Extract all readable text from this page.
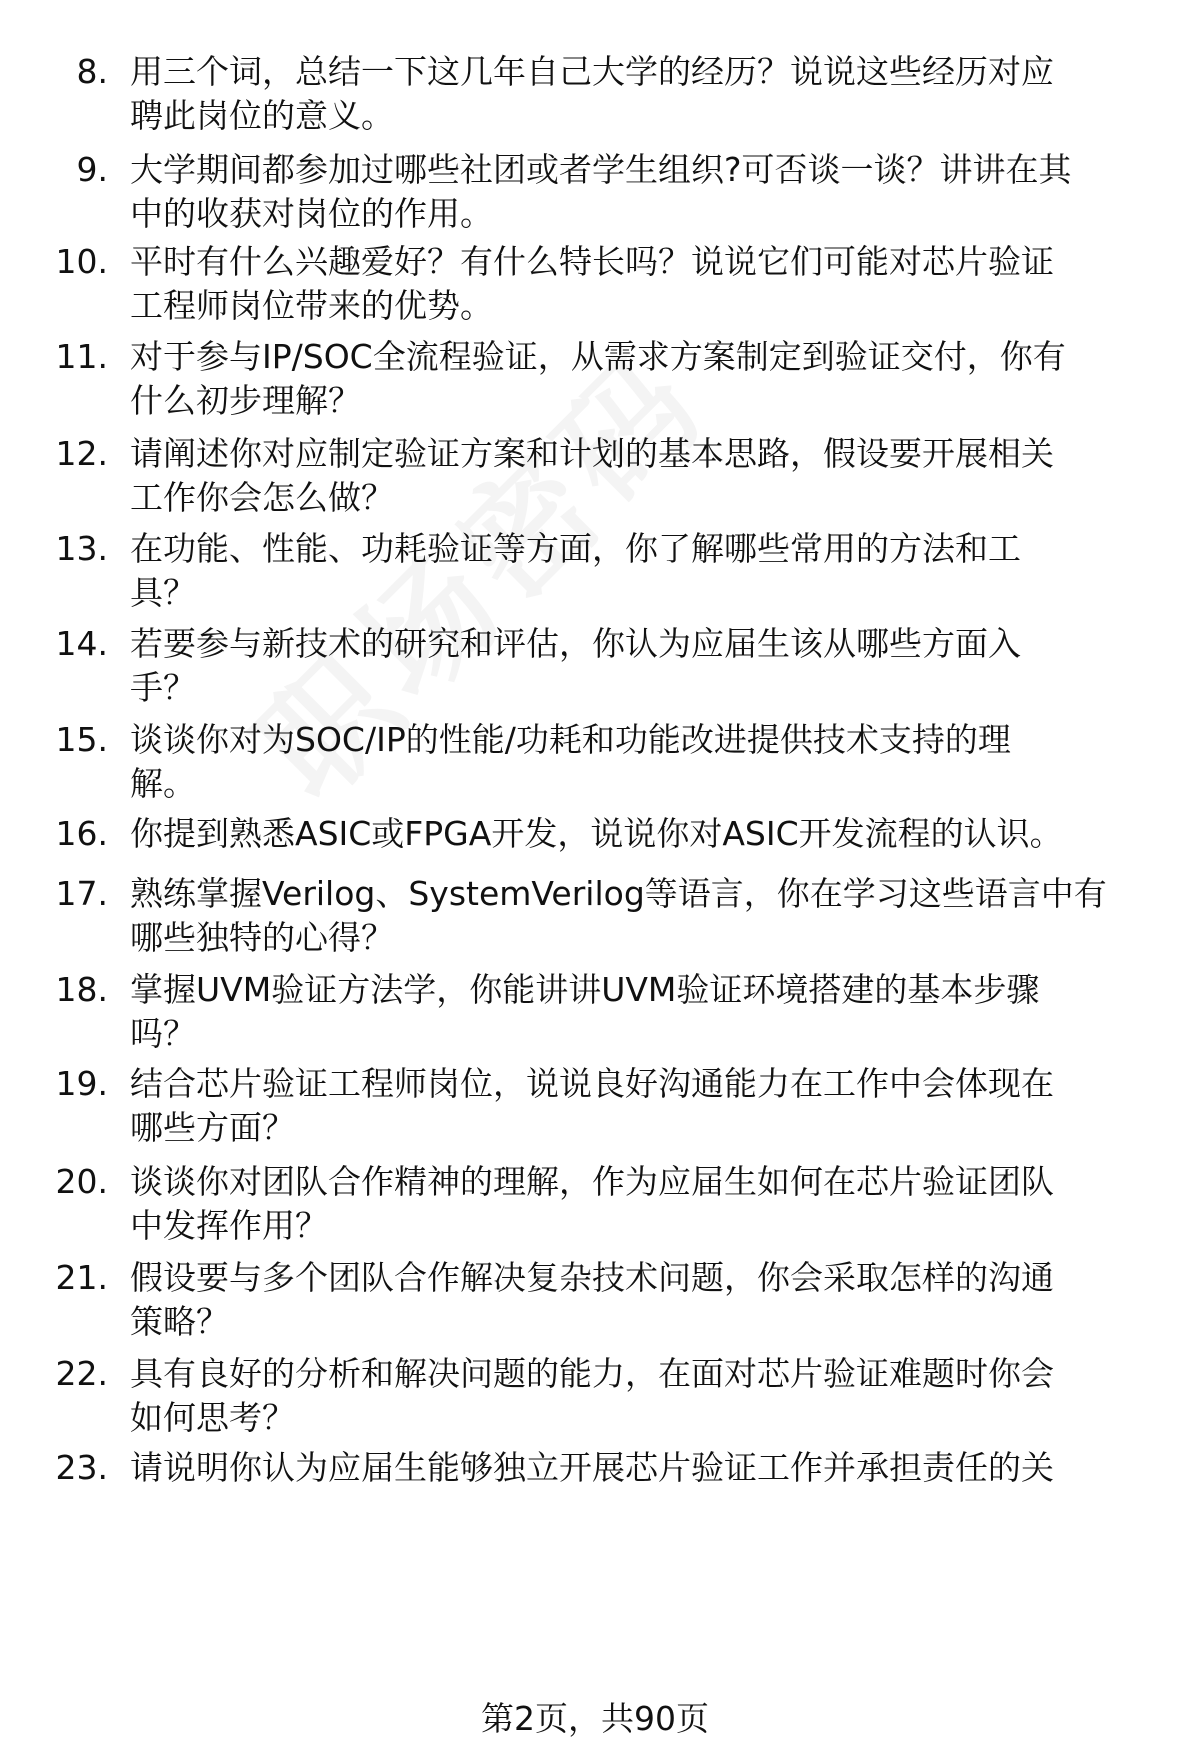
8. 用三个词，总结一下这几年自己大学的经历？说说这些经历对应
聘此岗位的意义。
9. 大学期间都参加过哪些社团或者学生组织?可否谈一谈？讲讲在其
中的收获对岗位的作用。
10. 平时有什么兴趣爱好？有什么特长吗？说说它们可能对芯片验证
工程师岗位带来的优势。
11. 对于参与IP/SOC全流程验证，从需求方案制定到验证交付，你有
什么初步理解？
12. 请阐述你对应制定验证方案和计划的基本思路，假设要开展相关
工作你会怎么做？
13. 在功能、性能、功耗验证等方面，你了解哪些常用的方法和工
具？
14. 若要参与新技术的研究和评估，你认为应届生该从哪些方面入
手？
15. 谈谈你对为SOC/IP的性能/功耗和功能改进提供技术支持的理
解。
16. 你提到熟悉ASIC或FPGA开发，说说你对ASIC开发流程的认识。
17. 熟练掌握Verilog、SystemVerilog等语言，你在学习这些语言中有
哪些独特的心得？
18. 掌握UVM验证方法学，你能讲讲UVM验证环境搭建的基本步骤
吗？
19. 结合芯片验证工程师岗位，说说良好沟通能力在工作中会体现在
哪些方面？
20. 谈谈你对团队合作精神的理解，作为应届生如何在芯片验证团队
中发挥作用？
21. 假设要与多个团队合作解决复杂技术问题，你会采取怎样的沟通
策略？
22. 具有良好的分析和解决问题的能力，在面对芯片验证难题时你会
如何思考？
23. 请说明你认为应届生能够独立开展芯片验证工作并承担责任的关
第2页，共90页
